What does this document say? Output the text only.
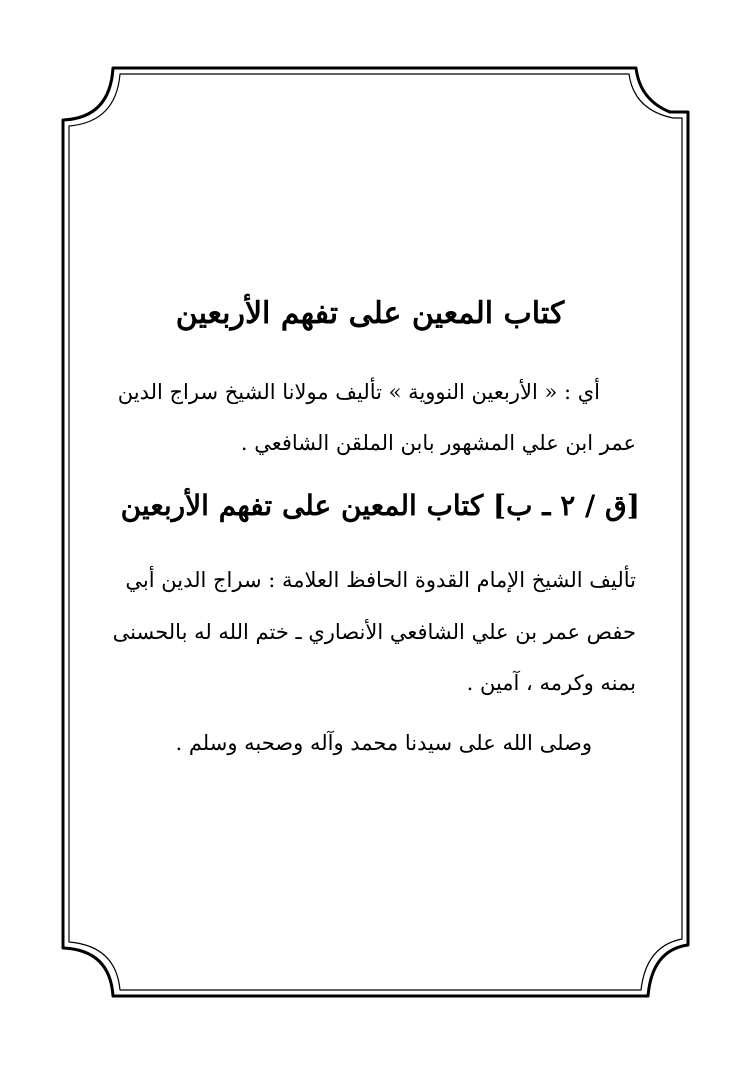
كتاب المعين على تفهم الأربعين
أي : « الأربعين النووية » تأليف مولانا الشيخ سراج الدين
عمر ابن علي المشهور بابن الملقن الشافعي .
[ق / ٢ ـ ب] كتاب المعين على تفهم الأربعين
تأليف الشيخ الإمام القدوة الحافظ العلامة : سراج الدين أبي
حفص عمر بن علي الشافعي الأنصاري ـ ختم الله له بالحسنى
بمنه وكرمه ، آمين .
وصلى الله على سيدنا محمد وآله وصحبه وسلم .
